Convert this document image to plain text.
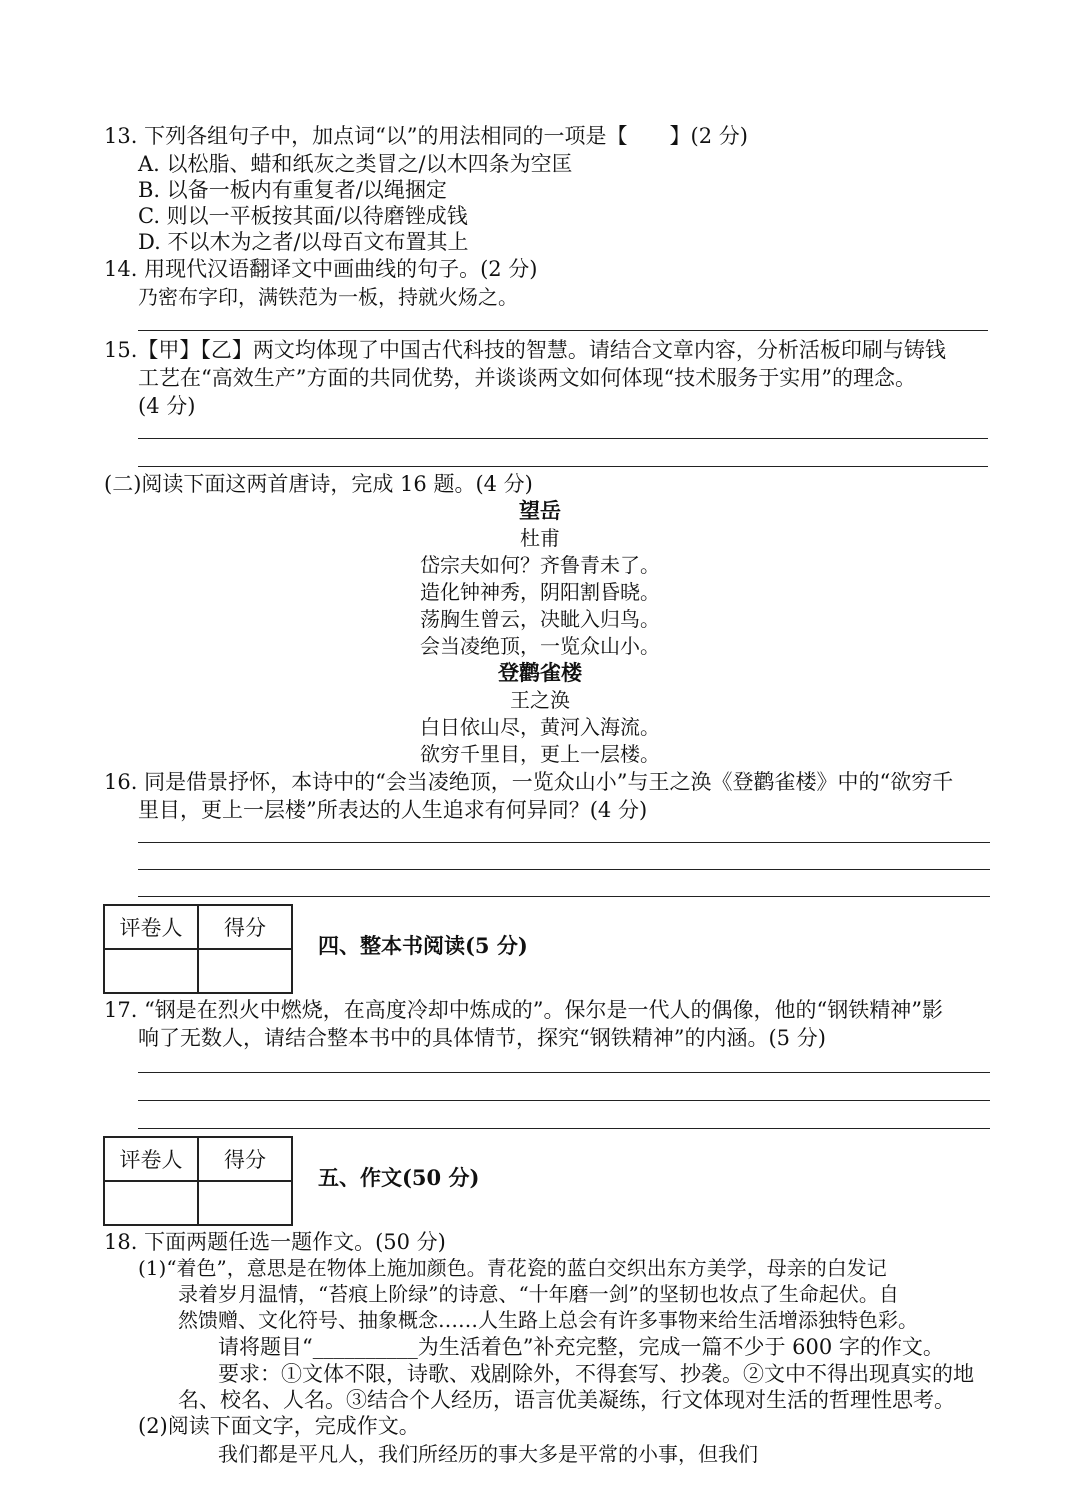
13. 下列各组句子中，加点词“以”的用法相同的一项是【　　】(2 分)
A. 以松脂、蜡和纸灰之类冒之/以木四条为空匡
B. 以备一板内有重复者/以绳捆定
C. 则以一平板按其面/以待磨锉成钱
D. 不以木为之者/以母百文布置其上
14. 用现代汉语翻译文中画曲线的句子。(2 分)
乃密布字印，满铁范为一板，持就火炀之。
15.【甲】【乙】两文均体现了中国古代科技的智慧。请结合文章内容，分析活板印刷与铸钱
工艺在“高效生产”方面的共同优势，并谈谈两文如何体现“技术服务于实用”的理念。
(4 分)
(二)阅读下面这两首唐诗，完成 16 题。(4 分)
望岳
杜甫
岱宗夫如何？齐鲁青未了。
造化钟神秀，阴阳割昏晓。
荡胸生曾云，决眦入归鸟。
会当凌绝顶，一览众山小。
登鹳雀楼
王之涣
白日依山尽，黄河入海流。
欲穷千里目，更上一层楼。
16. 同是借景抒怀，本诗中的“会当凌绝顶，一览众山小”与王之涣《登鹳雀楼》中的“欲穷千
里目，更上一层楼”所表达的人生追求有何异同？(4 分)
评卷人	得分

四、整本书阅读(5 分)
17. “钢是在烈火中燃烧，在高度冷却中炼成的”。保尔是一代人的偶像，他的“钢铁精神”影
响了无数人，请结合整本书中的具体情节，探究“钢铁精神”的内涵。(5 分)
评卷人	得分

五、作文(50 分)
18. 下面两题任选一题作文。(50 分)
(1)“着色”，意思是在物体上施加颜色。青花瓷的蓝白交织出东方美学，母亲的白发记
录着岁月温情，“苔痕上阶绿”的诗意、“十年磨一剑”的坚韧也妆点了生命起伏。自
然馈赠、文化符号、抽象概念……人生路上总会有许多事物来给生活增添独特色彩。
请将题目“__________为生活着色”补充完整，完成一篇不少于 600 字的作文。
要求：①文体不限，诗歌、戏剧除外，不得套写、抄袭。②文中不得出现真实的地
名、校名、人名。③结合个人经历，语言优美凝练，行文体现对生活的哲理性思考。
(2)阅读下面文字，完成作文。
我们都是平凡人，我们所经历的事大多是平常的小事，但我们
